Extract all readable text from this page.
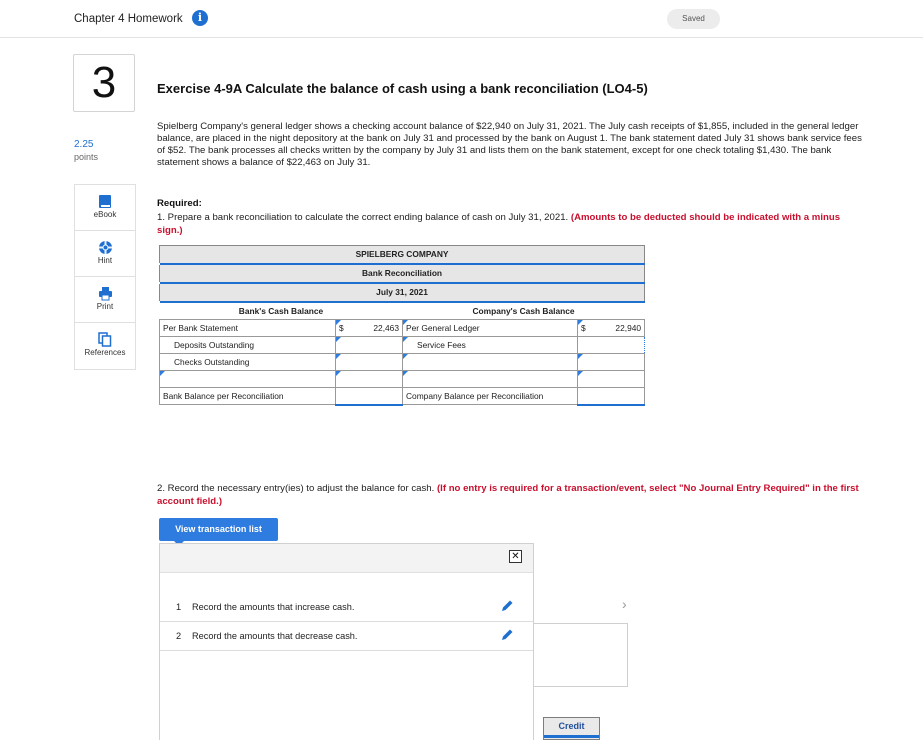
Chapter 4 Homework	i	Saved
3
2.25
points
eBook
Hint
Print
References
Exercise 4-9A Calculate the balance of cash using a bank reconciliation (LO4-5)
Spielberg Company's general ledger shows a checking account balance of $22,940 on July 31, 2021. The July cash receipts of $1,855, included in the general ledger balance, are placed in the night depository at the bank on July 31 and processed by the bank on August 1. The bank statement dated July 31 shows bank service fees of $52. The bank processes all checks written by the company by July 31 and lists them on the bank statement, except for one check totaling $1,430. The bank statement shows a balance of $22,463 on July 31.
Required:
1. Prepare a bank reconciliation to calculate the correct ending balance of cash on July 31, 2021. (Amounts to be deducted should be indicated with a minus sign.)
SPIELBERG COMPANY			

Bank Reconciliation			

July 31, 2021			

Bank's Cash Balance		Company's Cash Balance	
Per Bank Statement	$ 22,463	Per General Ledger	$ 22,940
Deposits Outstanding		Service Fees	
Checks Outstanding			

Bank Balance per Reconciliation		Company Balance per Reconciliation	
2. Record the necessary entry(ies) to adjust the balance for cash. (If no entry is required for a transaction/event, select "No Journal Entry Required" in the first account field.)
View transaction list
✕
1 Record the amounts that increase cash.
2 Record the amounts that decrease cash.
›
Credit
